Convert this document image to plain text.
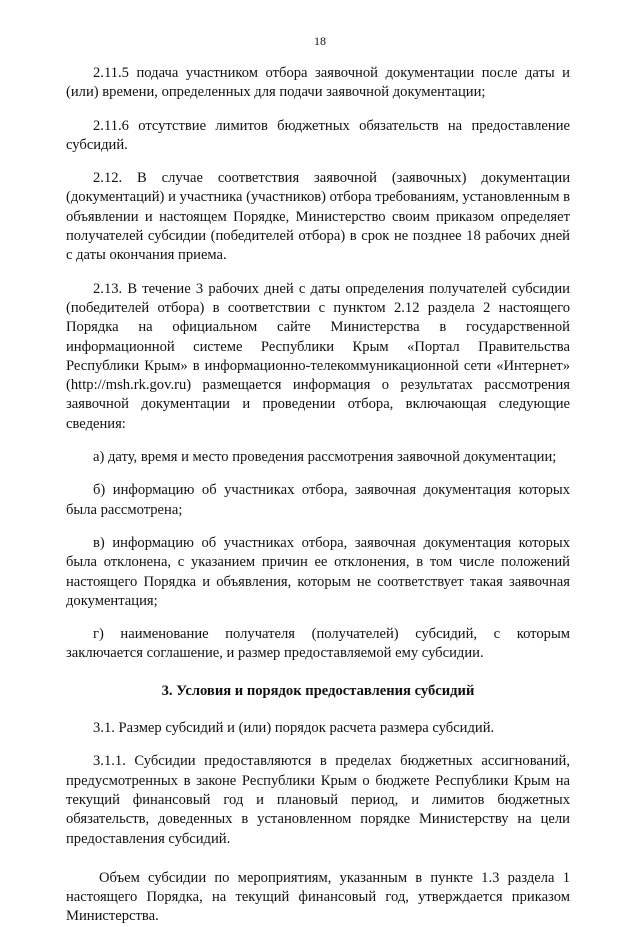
18

2.11.5 подача участником отбора заявочной документации после даты и (или) времени, определенных для подачи заявочной документации;

2.11.6 отсутствие лимитов бюджетных обязательств на предоставление субсидий.

2.12. В случае соответствия заявочной (заявочных) документации (документаций) и участника (участников) отбора требованиям, установленным в объявлении и настоящем Порядке, Министерство своим приказом определяет получателей субсидии (победителей отбора) в срок не позднее 18 рабочих дней с даты окончания приема.

2.13. В течение 3 рабочих дней с даты определения получателей субсидии (победителей отбора) в соответствии с пунктом 2.12 раздела 2 настоящего Порядка на официальном сайте Министерства в государственной информационной системе Республики Крым «Портал Правительства Республики Крым» в информационно-телекоммуникационной сети «Интернет» (http://msh.rk.gov.ru) размещается информация о результатах рассмотрения заявочной документации и проведении отбора, включающая следующие сведения:

а) дату, время и место проведения рассмотрения заявочной документации;

б) информацию об участниках отбора, заявочная документация которых была рассмотрена;

в) информацию об участниках отбора, заявочная документация которых была отклонена, с указанием причин ее отклонения, в том числе положений настоящего Порядка и объявления, которым не соответствует такая заявочная документация;

г) наименование получателя (получателей) субсидий, с которым заключается соглашение, и размер предоставляемой ему субсидии.

3. Условия и порядок предоставления субсидий

3.1. Размер субсидий и (или) порядок расчета размера субсидий.

3.1.1. Субсидии предоставляются в пределах бюджетных ассигнований, предусмотренных в законе Республики Крым о бюджете Республики Крым на текущий финансовый год и плановый период, и лимитов бюджетных обязательств, доведенных в установленном порядке Министерству на цели предоставления субсидий.

Объем субсидии по мероприятиям, указанным в пункте 1.3 раздела 1 настоящего Порядка, на текущий финансовый год, утверждается приказом Министерства.
